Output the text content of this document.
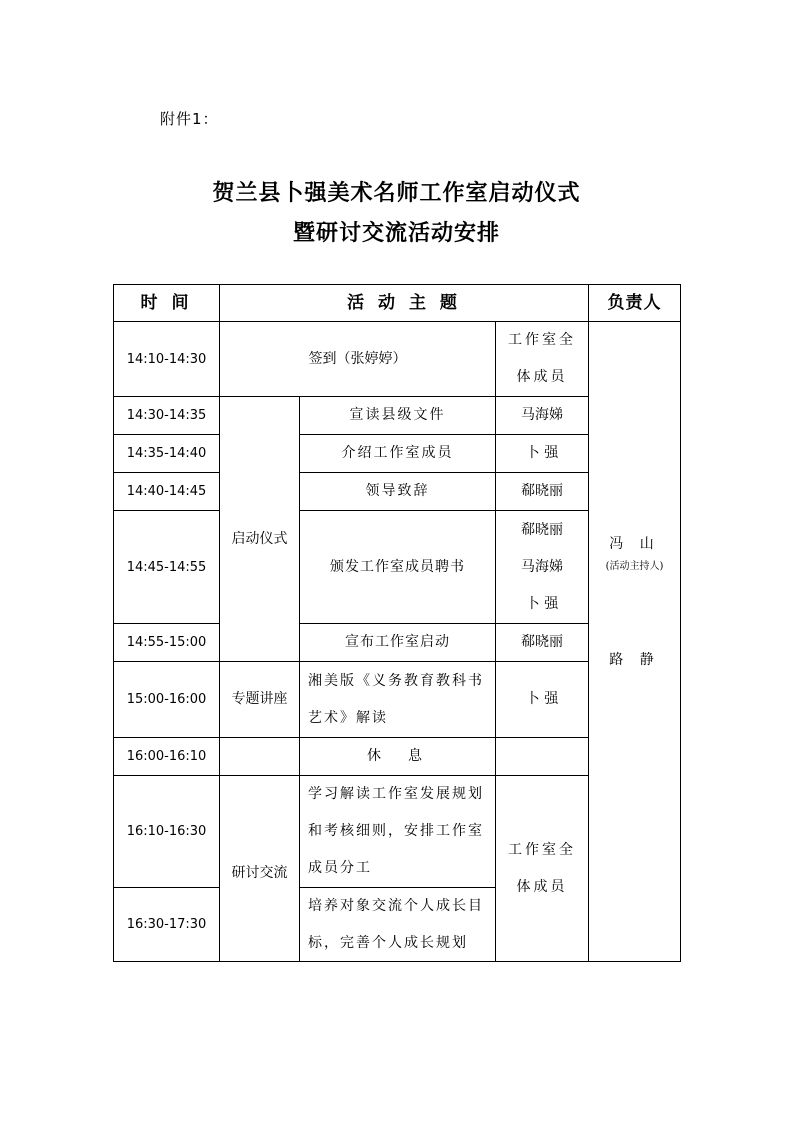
附件1：
贺兰县卜强美术名师工作室启动仪式
暨研讨交流活动安排
时 间	活 动 主 题	负责人
14:10-14:30
14:30-14:35
14:35-14:40
14:40-14:45
14:45-14:55
14:55-15:00
15:00-16:00
16:00-16:10
16:10-16:30
16:30-17:30
签到（张婷婷）
启动仪式
专题讲座
研讨交流
宣读县级文件
介绍工作室成员
领导致辞
颁发工作室成员聘书
宣布工作室启动
湘美版《义务教育教科书艺术》解读
休  息
学习解读工作室发展规划和考核细则，安排工作室成员分工
培养对象交流个人成长目标，完善个人成长规划
工作室全体成员
马海娣
卜 强
郗晓丽
郗晓丽 马海娣 卜 强
郗晓丽
卜 强
工作室全体成员
冯 山
(活动主持人)
路 静
